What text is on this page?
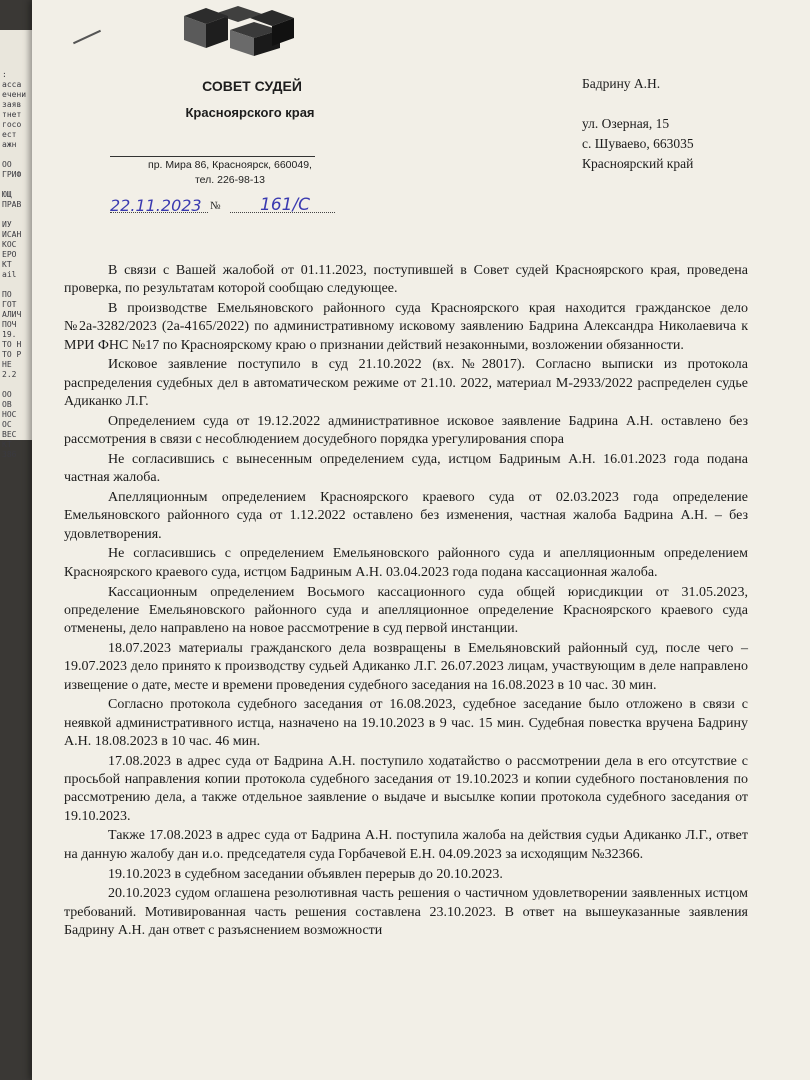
:
асса
ечени
заяв
тнет
госо
ест
ажн

ОО
ГРИФ

ЮЩ
ПРАВ

ИУ
ИСАН
КОС
ЕРО
КТ
ail

ПО
ГОТ
АЛИЧ
ПОЧ
19.
ТО Н
ТО Р
НЕ
2.2

ОО
ОВ
НОС
ОС
ВЕС
КТ
386
СОВЕТ СУДЕЙ
Красноярского края
пр. Мира 86, Красноярск, 660049,
тел. 226-98-13
22.11.2023 № 161/С
Бадрину А.Н.
ул. Озерная, 15
с. Шуваево, 663035
Красноярский край

В связи с Вашей жалобой от 01.11.2023, поступившей в Совет судей Красноярского края, проведена проверка, по результатам которой сообщаю следующее.

В производстве Емельяновского районного суда Красноярского края находится гражданское дело №2а-3282/2023 (2а-4165/2022) по административному исковому заявлению Бадрина Александра Николаевича к МРИ ФНС №17 по Красноярскому краю о признании действий незаконными, возложении обязанности.

Исковое заявление поступило в суд 21.10.2022 (вх.№28017). Согласно выписки из протокола распределения судебных дел в автоматическом режиме от 21.10. 2022, материал М-2933/2022 распределен судье Адиканко Л.Г.

Определением суда от 19.12.2022 административное исковое заявление Бадрина А.Н. оставлено без рассмотрения в связи с несоблюдением досудебного порядка урегулирования спора

Не согласившись с вынесенным определением суда, истцом Бадриным А.Н. 16.01.2023 года подана частная жалоба.

Апелляционным определением Красноярского краевого суда от 02.03.2023 года определение Емельяновского районного суда от 1.12.2022 оставлено без изменения, частная жалоба Бадрина А.Н. – без удовлетворения.

Не согласившись с определением Емельяновского районного суда и апелляционным определением Красноярского краевого суда, истцом Бадриным А.Н. 03.04.2023 года подана кассационная жалоба.

Кассационным определением Восьмого кассационного суда общей юрисдикции от 31.05.2023, определение Емельяновского районного суда и апелляционное определение Красноярского краевого суда отменены, дело направлено на новое рассмотрение в суд первой инстанции.

18.07.2023 материалы гражданского дела возвращены в Емельяновский районный суд, после чего – 19.07.2023 дело принято к производству судьей Адиканко Л.Г. 26.07.2023 лицам, участвующим в деле направлено извещение о дате, месте и времени проведения судебного заседания на 16.08.2023 в 10 час. 30 мин.

Согласно протокола судебного заседания от 16.08.2023, судебное заседание было отложено в связи с неявкой административного истца, назначено на 19.10.2023 в 9 час. 15 мин. Судебная повестка вручена Бадрину А.Н. 18.08.2023 в 10 час. 46 мин.

17.08.2023 в адрес суда от Бадрина А.Н. поступило ходатайство о рассмотрении дела в его отсутствие с просьбой направления копии протокола судебного заседания от 19.10.2023 и копии судебного постановления по рассмотрению дела, а также отдельное заявление о выдаче и высылке копии протокола судебного заседания от 19.10.2023.

Также 17.08.2023 в адрес суда от Бадрина А.Н. поступила жалоба на действия судьи Адиканко Л.Г., ответ на данную жалобу дан и.о. председателя суда Горбачевой Е.Н. 04.09.2023 за исходящим №32366.

19.10.2023 в судебном заседании объявлен перерыв до 20.10.2023.

20.10.2023 судом оглашена резолютивная часть решения о частичном удовлетворении заявленных истцом требований. Мотивированная часть решения составлена 23.10.2023. В ответ на вышеуказанные заявления Бадрину А.Н. дан ответ с разъяснением возможности
